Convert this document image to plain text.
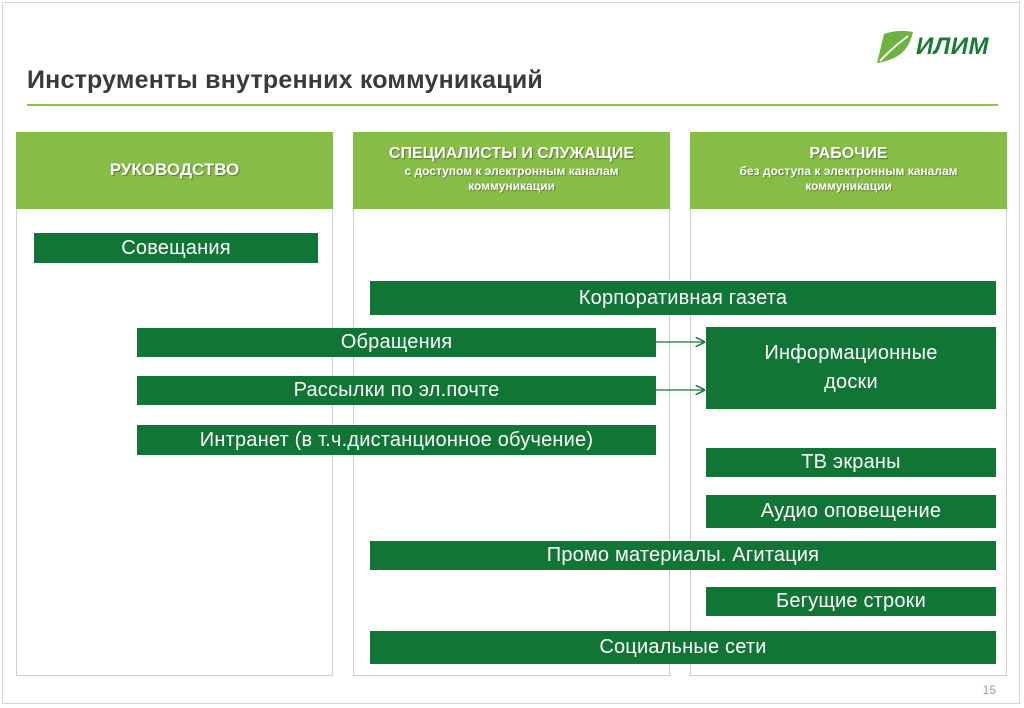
Инструменты внутренних коммуникаций
ИЛИМ
РУКОВОДСТВО
СПЕЦИАЛИСТЫ И СЛУЖАЩИЕ
с доступом к электронным каналам коммуникации
РАБОЧИЕ
без доступа к электронным каналам коммуникации
Совещания
Корпоративная газета
Обращения
Рассылки по эл.почте
Интранет (в т.ч.дистанционное обучение)
Информационные
доски
ТВ экраны
Аудио оповещение
Промо материалы. Агитация
Бегущие строки
Социальные сети
15
